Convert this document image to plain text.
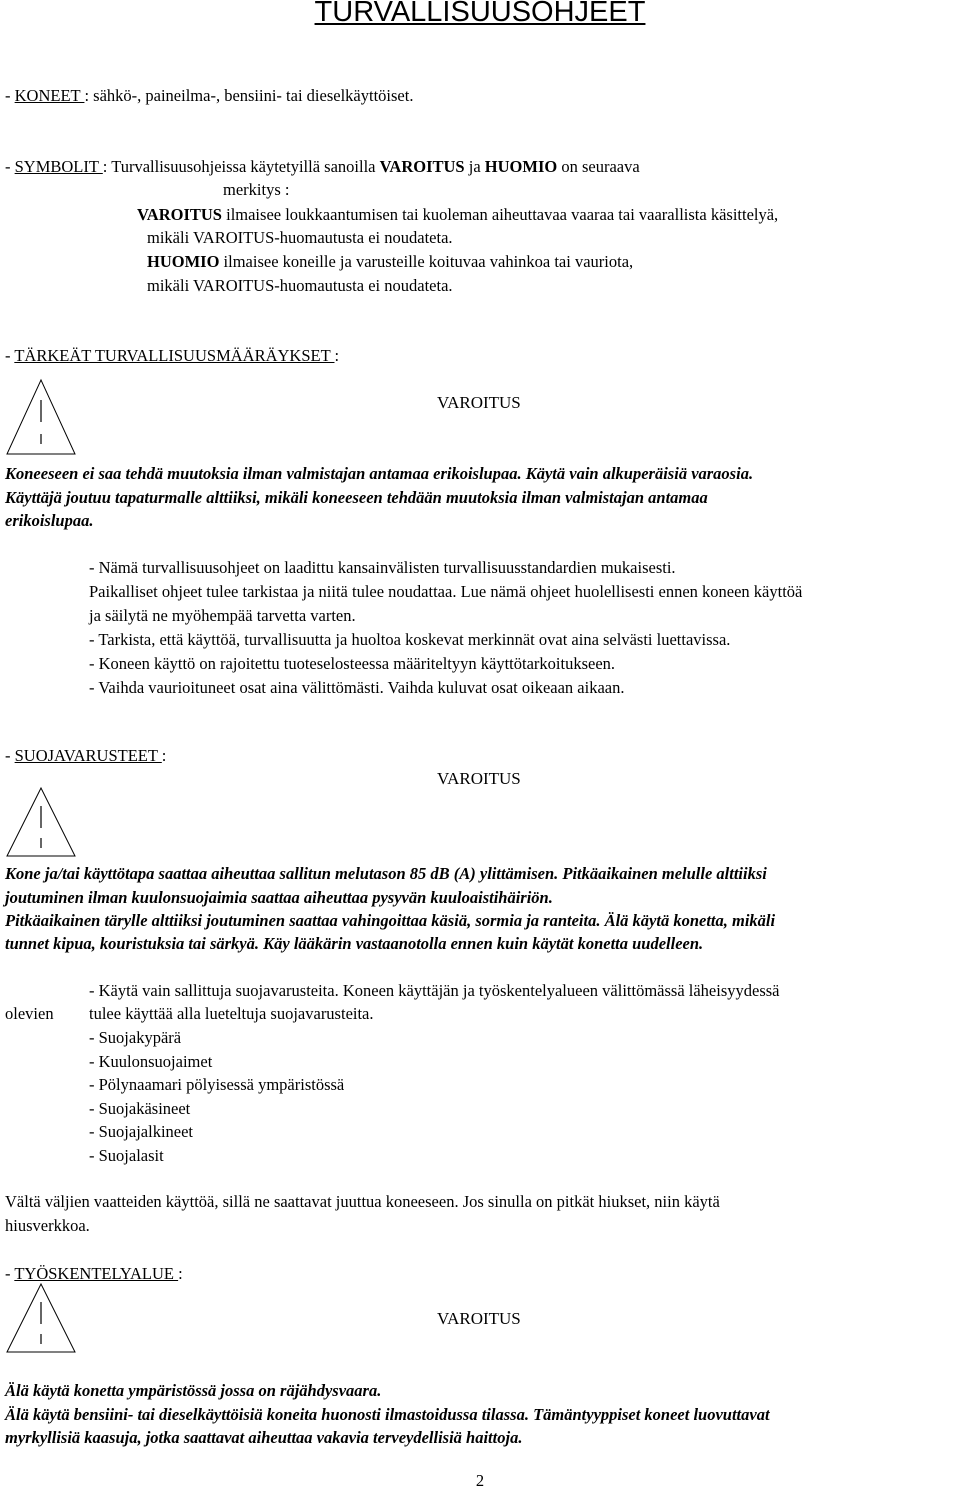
TURVALLISUUSOHJEET
- KONEET : sähkö-, paineilma-, bensiini- tai dieselkäyttöiset.
- SYMBOLIT : Turvallisuusohjeissa käytetyillä sanoilla VAROITUS ja HUOMIO on seuraava
merkitys :
VAROITUS ilmaisee loukkaantumisen tai kuoleman aiheuttavaa vaaraa tai vaarallista käsittelyä,
mikäli VAROITUS-huomautusta ei noudateta.
HUOMIO ilmaisee koneille ja varusteille koituvaa vahinkoa tai vauriota,
mikäli VAROITUS-huomautusta ei noudateta.
- TÄRKEÄT TURVALLISUUSMÄÄRÄYKSET :
VAROITUS
Koneeseen ei saa tehdä muutoksia ilman valmistajan antamaa erikoislupaa. Käytä vain alkuperäisiä varaosia.
Käyttäjä joutuu tapaturmalle alttiiksi, mikäli koneeseen tehdään muutoksia ilman valmistajan antamaa
erikoislupaa.
- Nämä turvallisuusohjeet on laadittu kansainvälisten turvallisuusstandardien mukaisesti.
Paikalliset ohjeet tulee tarkistaa ja niitä tulee noudattaa. Lue nämä ohjeet huolellisesti ennen koneen käyttöä
ja säilytä ne myöhempää tarvetta varten.
- Tarkista, että käyttöä, turvallisuutta ja huoltoa koskevat merkinnät ovat aina selvästi luettavissa.
- Koneen käyttö on rajoitettu tuoteselosteessa määriteltyyn käyttötarkoitukseen.
- Vaihda vaurioituneet osat aina välittömästi. Vaihda kuluvat osat oikeaan aikaan.
- SUOJAVARUSTEET :
VAROITUS
Kone ja/tai käyttötapa saattaa aiheuttaa sallitun melutason 85 dB (A) ylittämisen. Pitkäaikainen melulle alttiiksi
joutuminen ilman kuulonsuojaimia saattaa aiheuttaa pysyvän kuuloaistihäiriön.
Pitkäaikainen tärylle alttiiksi joutuminen saattaa vahingoittaa käsiä, sormia ja ranteita. Älä käytä konetta, mikäli
tunnet kipua, kouristuksia tai särkyä. Käy lääkärin vastaanotolla ennen kuin käytät konetta uudelleen.
olevien
- Käytä vain sallittuja suojavarusteita. Koneen käyttäjän ja työskentelyalueen välittömässä läheisyydessä
tulee käyttää alla lueteltuja suojavarusteita.
- Suojakypärä
- Kuulonsuojaimet
- Pölynaamari pölyisessä ympäristössä
- Suojakäsineet
- Suojajalkineet
- Suojalasit
Vältä väljien vaatteiden käyttöä, sillä ne saattavat juuttua koneeseen. Jos sinulla on pitkät hiukset, niin käytä
hiusverkkoa.
- TYÖSKENTELYALUE :
VAROITUS
Älä käytä konetta ympäristössä jossa on räjähdysvaara.
Älä käytä bensiini- tai dieselkäyttöisiä koneita huonosti ilmastoidussa tilassa. Tämäntyyppiset koneet luovuttavat
myrkyllisiä kaasuja, jotka saattavat aiheuttaa vakavia terveydellisiä haittoja.
2
